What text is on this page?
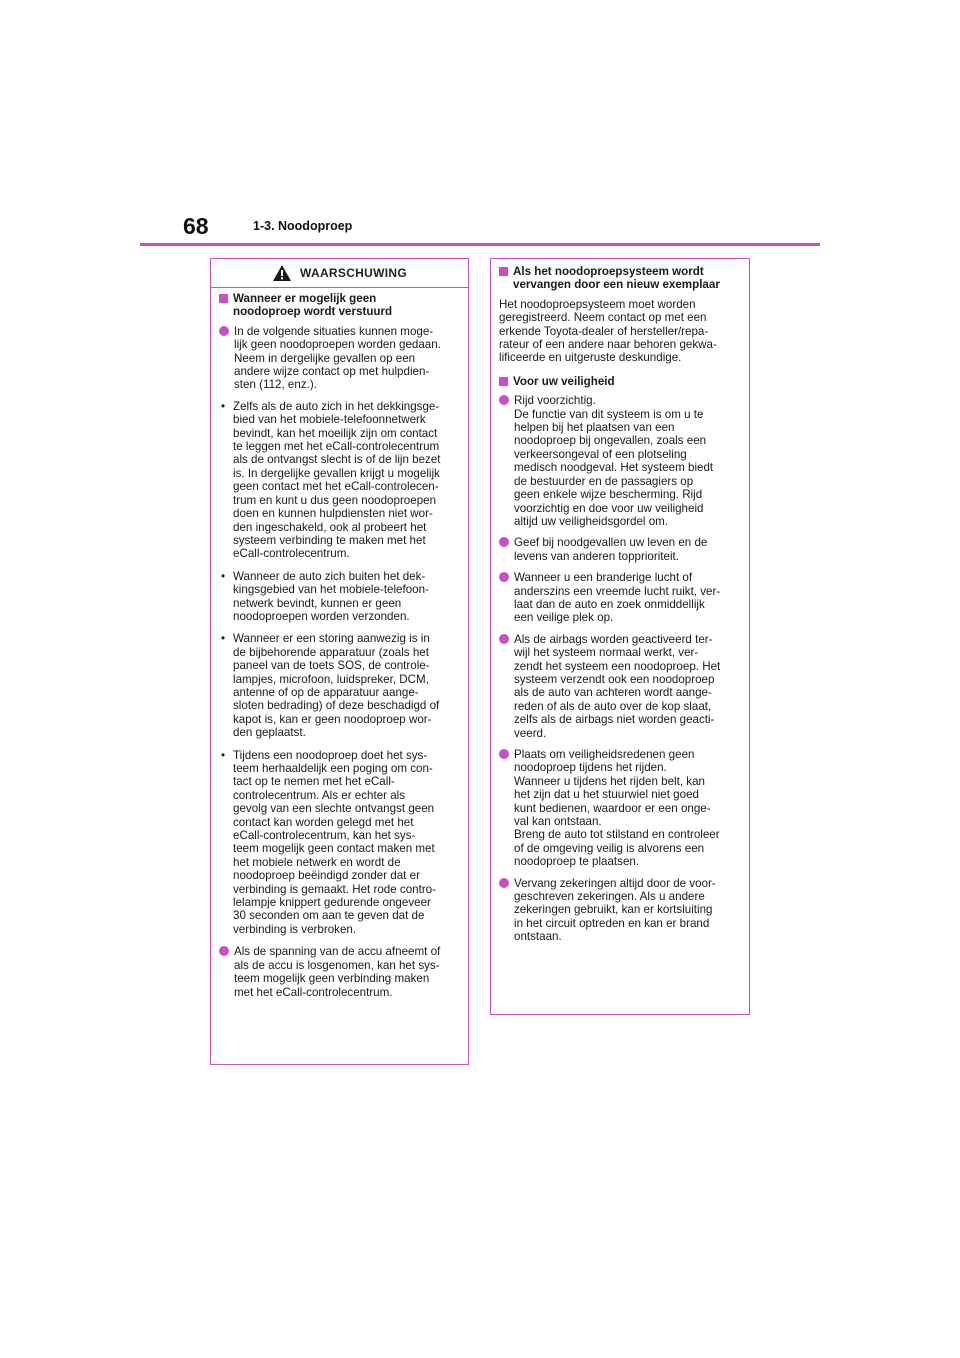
68	1-3. Noodoproep
WAARSCHUWING
Wanneer er mogelijk geen
noodoproep wordt verstuurd
In de volgende situaties kunnen moge-
lijk geen noodoproepen worden gedaan.
Neem in dergelijke gevallen op een
andere wijze contact op met hulpdien-
sten (112, enz.).
• Zelfs als de auto zich in het dekkingsge-
bied van het mobiele-telefoonnetwerk
bevindt, kan het moeilijk zijn om contact
te leggen met het eCall-controlecentrum
als de ontvangst slecht is of de lijn bezet
is. In dergelijke gevallen krijgt u mogelijk
geen contact met het eCall-controlecen-
trum en kunt u dus geen noodoproepen
doen en kunnen hulpdiensten niet wor-
den ingeschakeld, ook al probeert het
systeem verbinding te maken met het
eCall-controlecentrum.
• Wanneer de auto zich buiten het dek-
kingsgebied van het mobiele-telefoon-
netwerk bevindt, kunnen er geen
noodoproepen worden verzonden.
• Wanneer er een storing aanwezig is in
de bijbehorende apparatuur (zoals het
paneel van de toets SOS, de controle-
lampjes, microfoon, luidspreker, DCM,
antenne of op de apparatuur aange-
sloten bedrading) of deze beschadigd of
kapot is, kan er geen noodoproep wor-
den geplaatst.
• Tijdens een noodoproep doet het sys-
teem herhaaldelijk een poging om con-
tact op te nemen met het eCall-
controlecentrum. Als er echter als
gevolg van een slechte ontvangst geen
contact kan worden gelegd met het
eCall-controlecentrum, kan het sys-
teem mogelijk geen contact maken met
het mobiele netwerk en wordt de
noodoproep beëindigd zonder dat er
verbinding is gemaakt. Het rode contro-
lelampje knippert gedurende ongeveer
30 seconden om aan te geven dat de
verbinding is verbroken.
Als de spanning van de accu afneemt of
als de accu is losgenomen, kan het sys-
teem mogelijk geen verbinding maken
met het eCall-controlecentrum.
Als het noodoproepsysteem wordt
vervangen door een nieuw exemplaar
Het noodoproepsysteem moet worden
geregistreerd. Neem contact op met een
erkende Toyota-dealer of hersteller/repa-
rateur of een andere naar behoren gekwa-
lificeerde en uitgeruste deskundige.
Voor uw veiligheid
Rijd voorzichtig.
De functie van dit systeem is om u te
helpen bij het plaatsen van een
noodoproep bij ongevallen, zoals een
verkeersongeval of een plotseling
medisch noodgeval. Het systeem biedt
de bestuurder en de passagiers op
geen enkele wijze bescherming. Rijd
voorzichtig en doe voor uw veiligheid
altijd uw veiligheidsgordel om.
Geef bij noodgevallen uw leven en de
levens van anderen topprioriteit.
Wanneer u een branderige lucht of
anderszins een vreemde lucht ruikt, ver-
laat dan de auto en zoek onmiddellijk
een veilige plek op.
Als de airbags worden geactiveerd ter-
wijl het systeem normaal werkt, ver-
zendt het systeem een noodoproep. Het
systeem verzendt ook een noodoproep
als de auto van achteren wordt aange-
reden of als de auto over de kop slaat,
zelfs als de airbags niet worden geacti-
veerd.
Plaats om veiligheidsredenen geen
noodoproep tijdens het rijden.
Wanneer u tijdens het rijden belt, kan
het zijn dat u het stuurwiel niet goed
kunt bedienen, waardoor er een onge-
val kan ontstaan.
Breng de auto tot stilstand en controleer
of de omgeving veilig is alvorens een
noodoproep te plaatsen.
Vervang zekeringen altijd door de voor-
geschreven zekeringen. Als u andere
zekeringen gebruikt, kan er kortsluiting
in het circuit optreden en kan er brand
ontstaan.
